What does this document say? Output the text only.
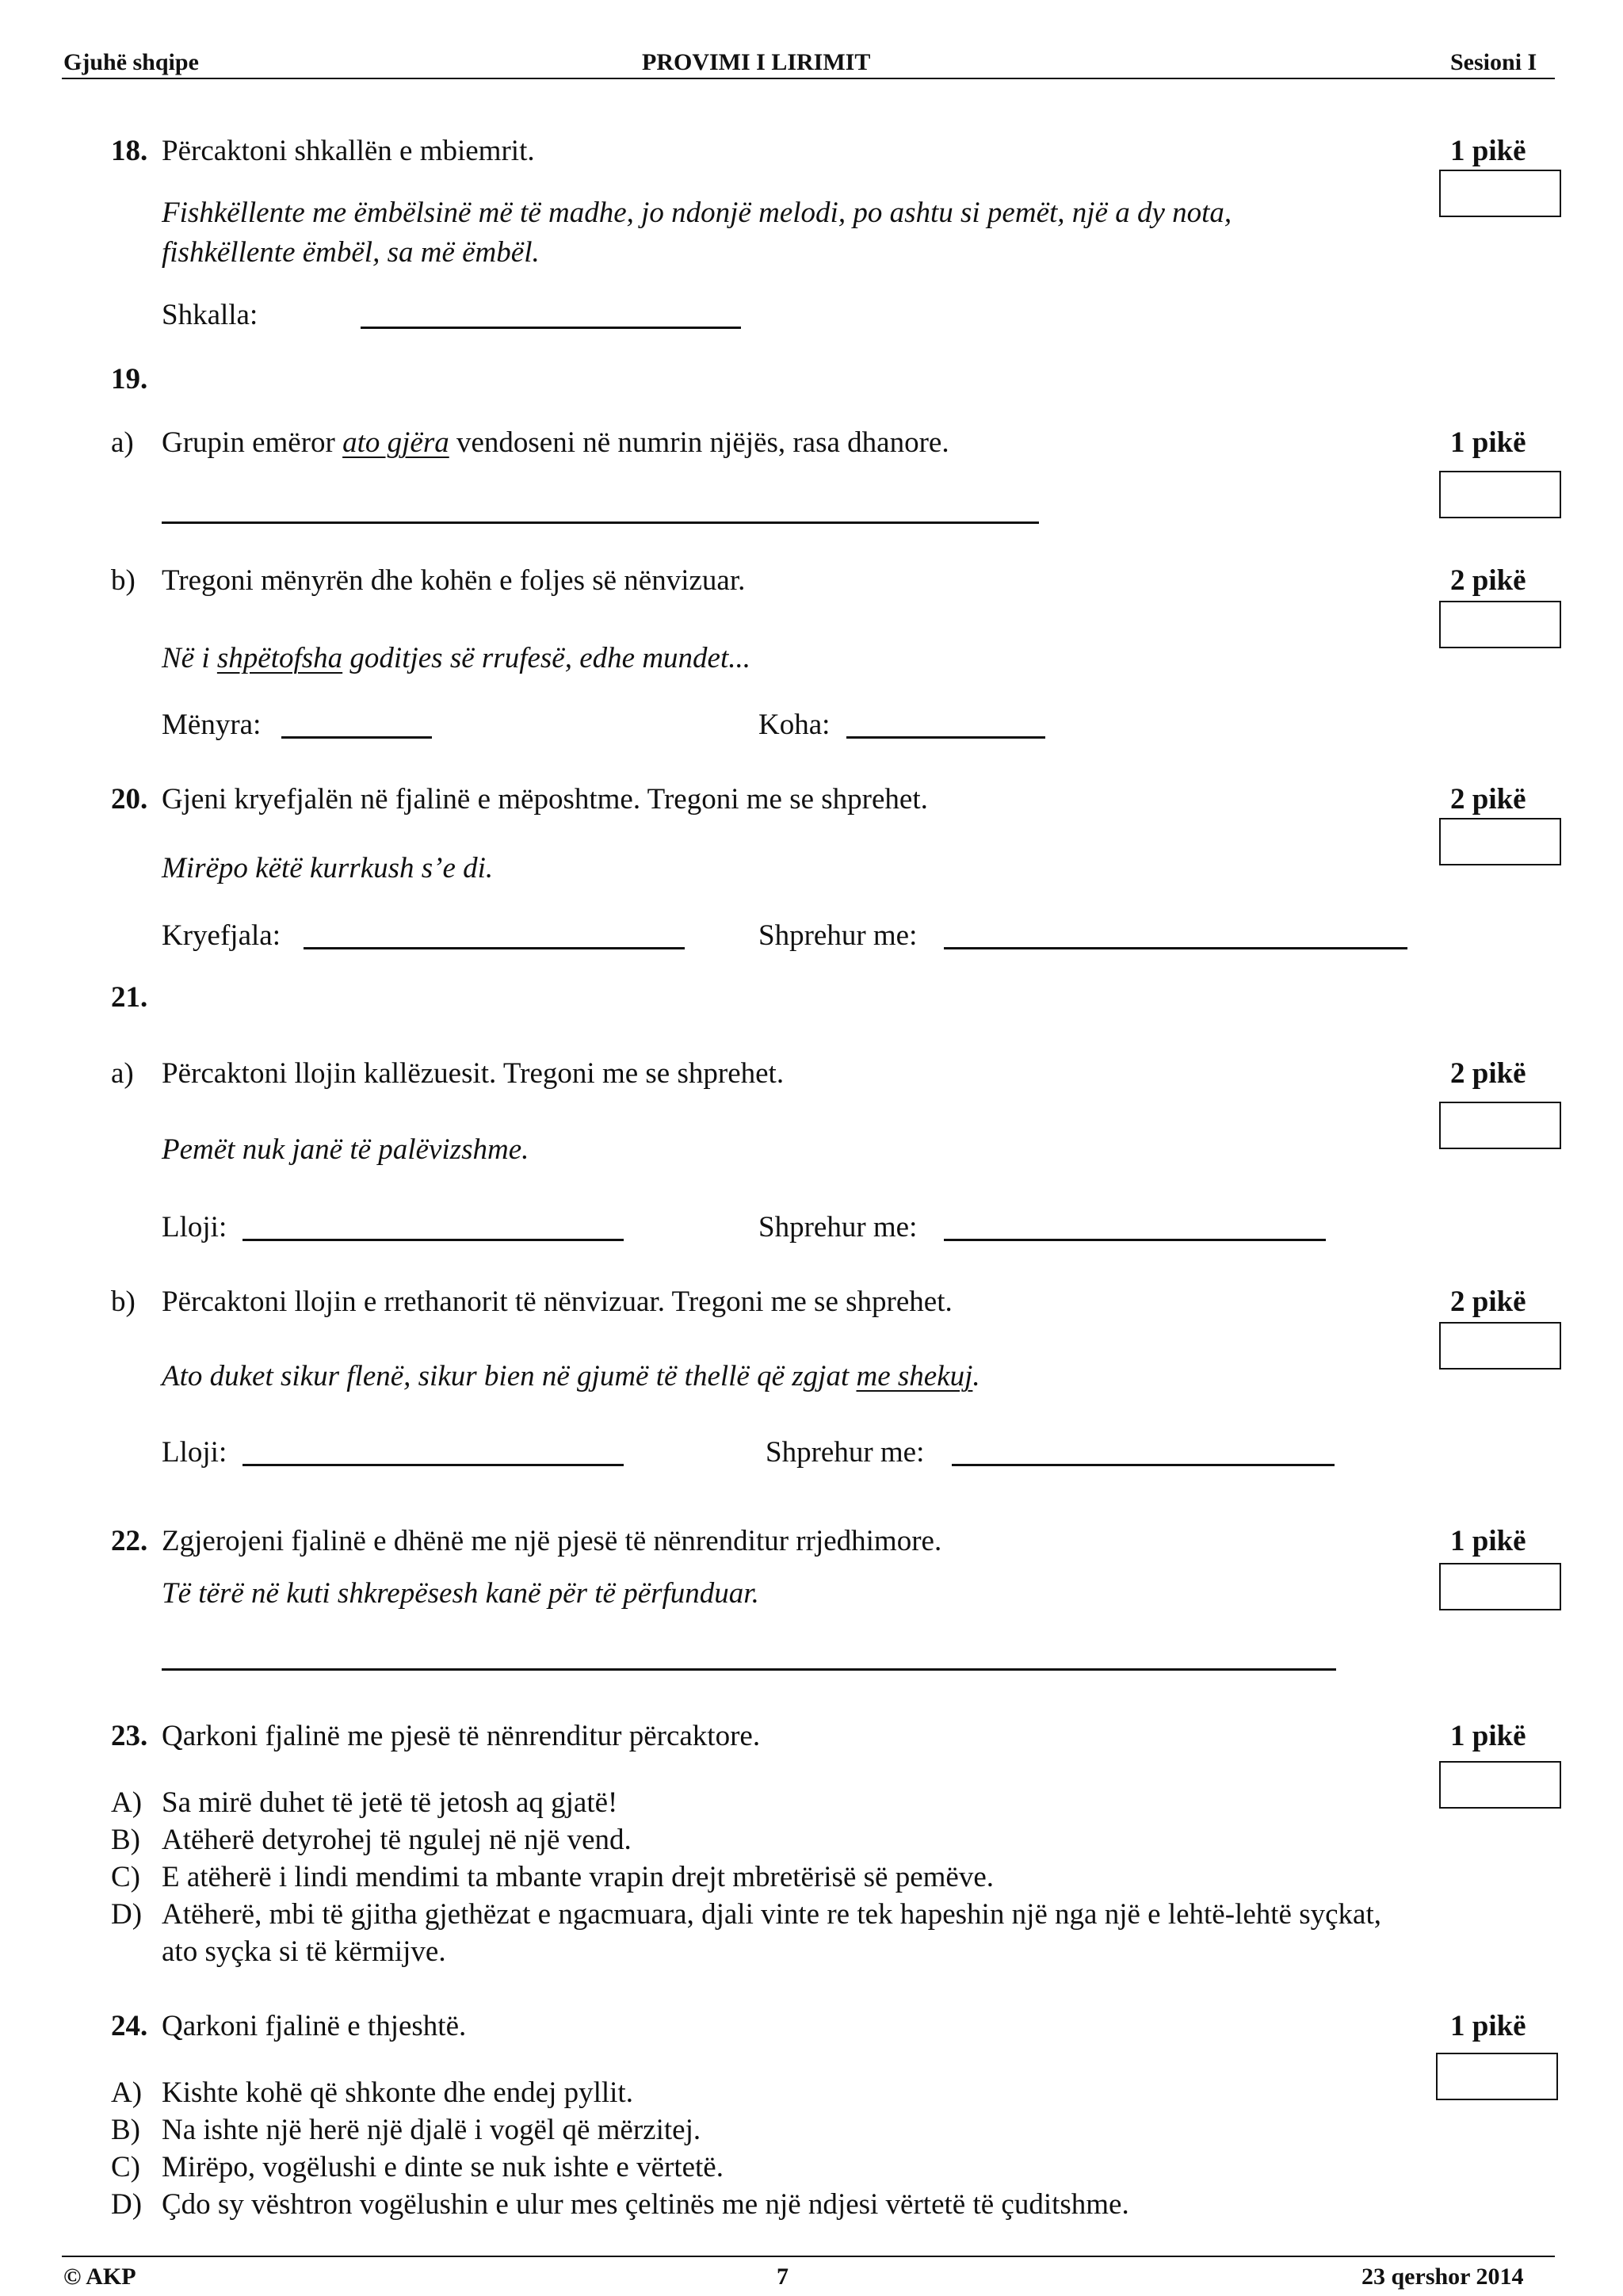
Gjuhë shqipe	PROVIMI I LIRIMIT	Sesioni I
18. Përcaktoni shkallën e mbiemrit.	1 pikë
Fishkëllente me ëmbëlsinë më të madhe, jo ndonjë melodi, po ashtu si pemët, një a dy nota,
fishkëllente ëmbël, sa më ëmbël.
Shkalla:
19.
a) Grupin emëror ato gjëra vendoseni në numrin njëjës, rasa dhanore.	1 pikë
b) Tregoni mënyrën dhe kohën e foljes së nënvizuar.	2 pikë
Në i shpëtofsha goditjes së rrufesë, edhe mundet...
Mënyra:	Koha:
20. Gjeni kryefjalën në fjalinë e mëposhtme. Tregoni me se shprehet.	2 pikë
Mirëpo këtë kurrkush s’e di.
Kryefjala:	Shprehur me:
21.
a) Përcaktoni llojin kallëzuesit. Tregoni me se shprehet.	2 pikë
Pemët nuk janë të palëvizshme.
Lloji:	Shprehur me:
b) Përcaktoni llojin e rrethanorit të nënvizuar. Tregoni me se shprehet.	2 pikë
Ato duket sikur flenë, sikur bien në gjumë të thellë që zgjat me shekuj.
Lloji:	Shprehur me:
22. Zgjerojeni fjalinë e dhënë me një pjesë të nënrenditur rrjedhimore.	1 pikë
Të tërë në kuti shkrepësesh kanë për të përfunduar.
23. Qarkoni fjalinë me pjesë të nënrenditur përcaktore.	1 pikë
A) Sa mirë duhet të jetë të jetosh aq gjatë!
B) Atëherë detyrohej të ngulej në një vend.
C) E atëherë i lindi mendimi ta mbante vrapin drejt mbretërisë së pemëve.
D) Atëherë, mbi të gjitha gjethëzat e ngacmuara, djali vinte re tek hapeshin një nga një e lehtë-lehtë syçkat,
ato syçka si të kërmijve.
24. Qarkoni fjalinë e thjeshtë.	1 pikë
A) Kishte kohë që shkonte dhe endej pyllit.
B) Na ishte një herë një djalë i vogël që mërzitej.
C) Mirëpo, vogëlushi e dinte se nuk ishte e vërtetë.
D) Çdo sy vështron vogëlushin e ulur mes çeltinës me një ndjesi vërtetë të çuditshme.
© AKP	7	23 qershor 2014
